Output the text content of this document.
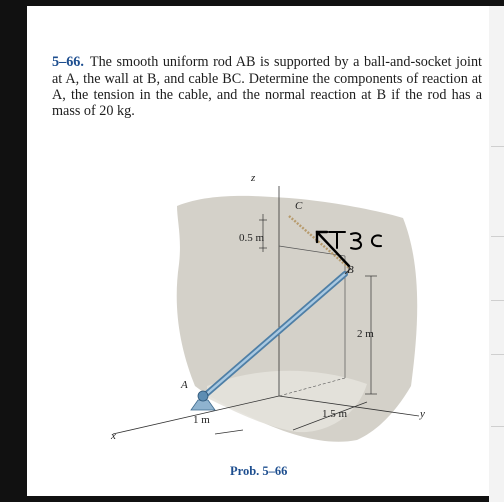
5–66. The smooth uniform rod AB is supported by a ball-and-socket joint at A, the wall at B, and cable BC. Determine the components of reaction at A, the tension in the cable, and the normal reaction at B if the rod has a mass of 20 kg.

z
C
0.5 m
B
2 m
A
1.5 m
1 m	y
x
Prob. 5–66
